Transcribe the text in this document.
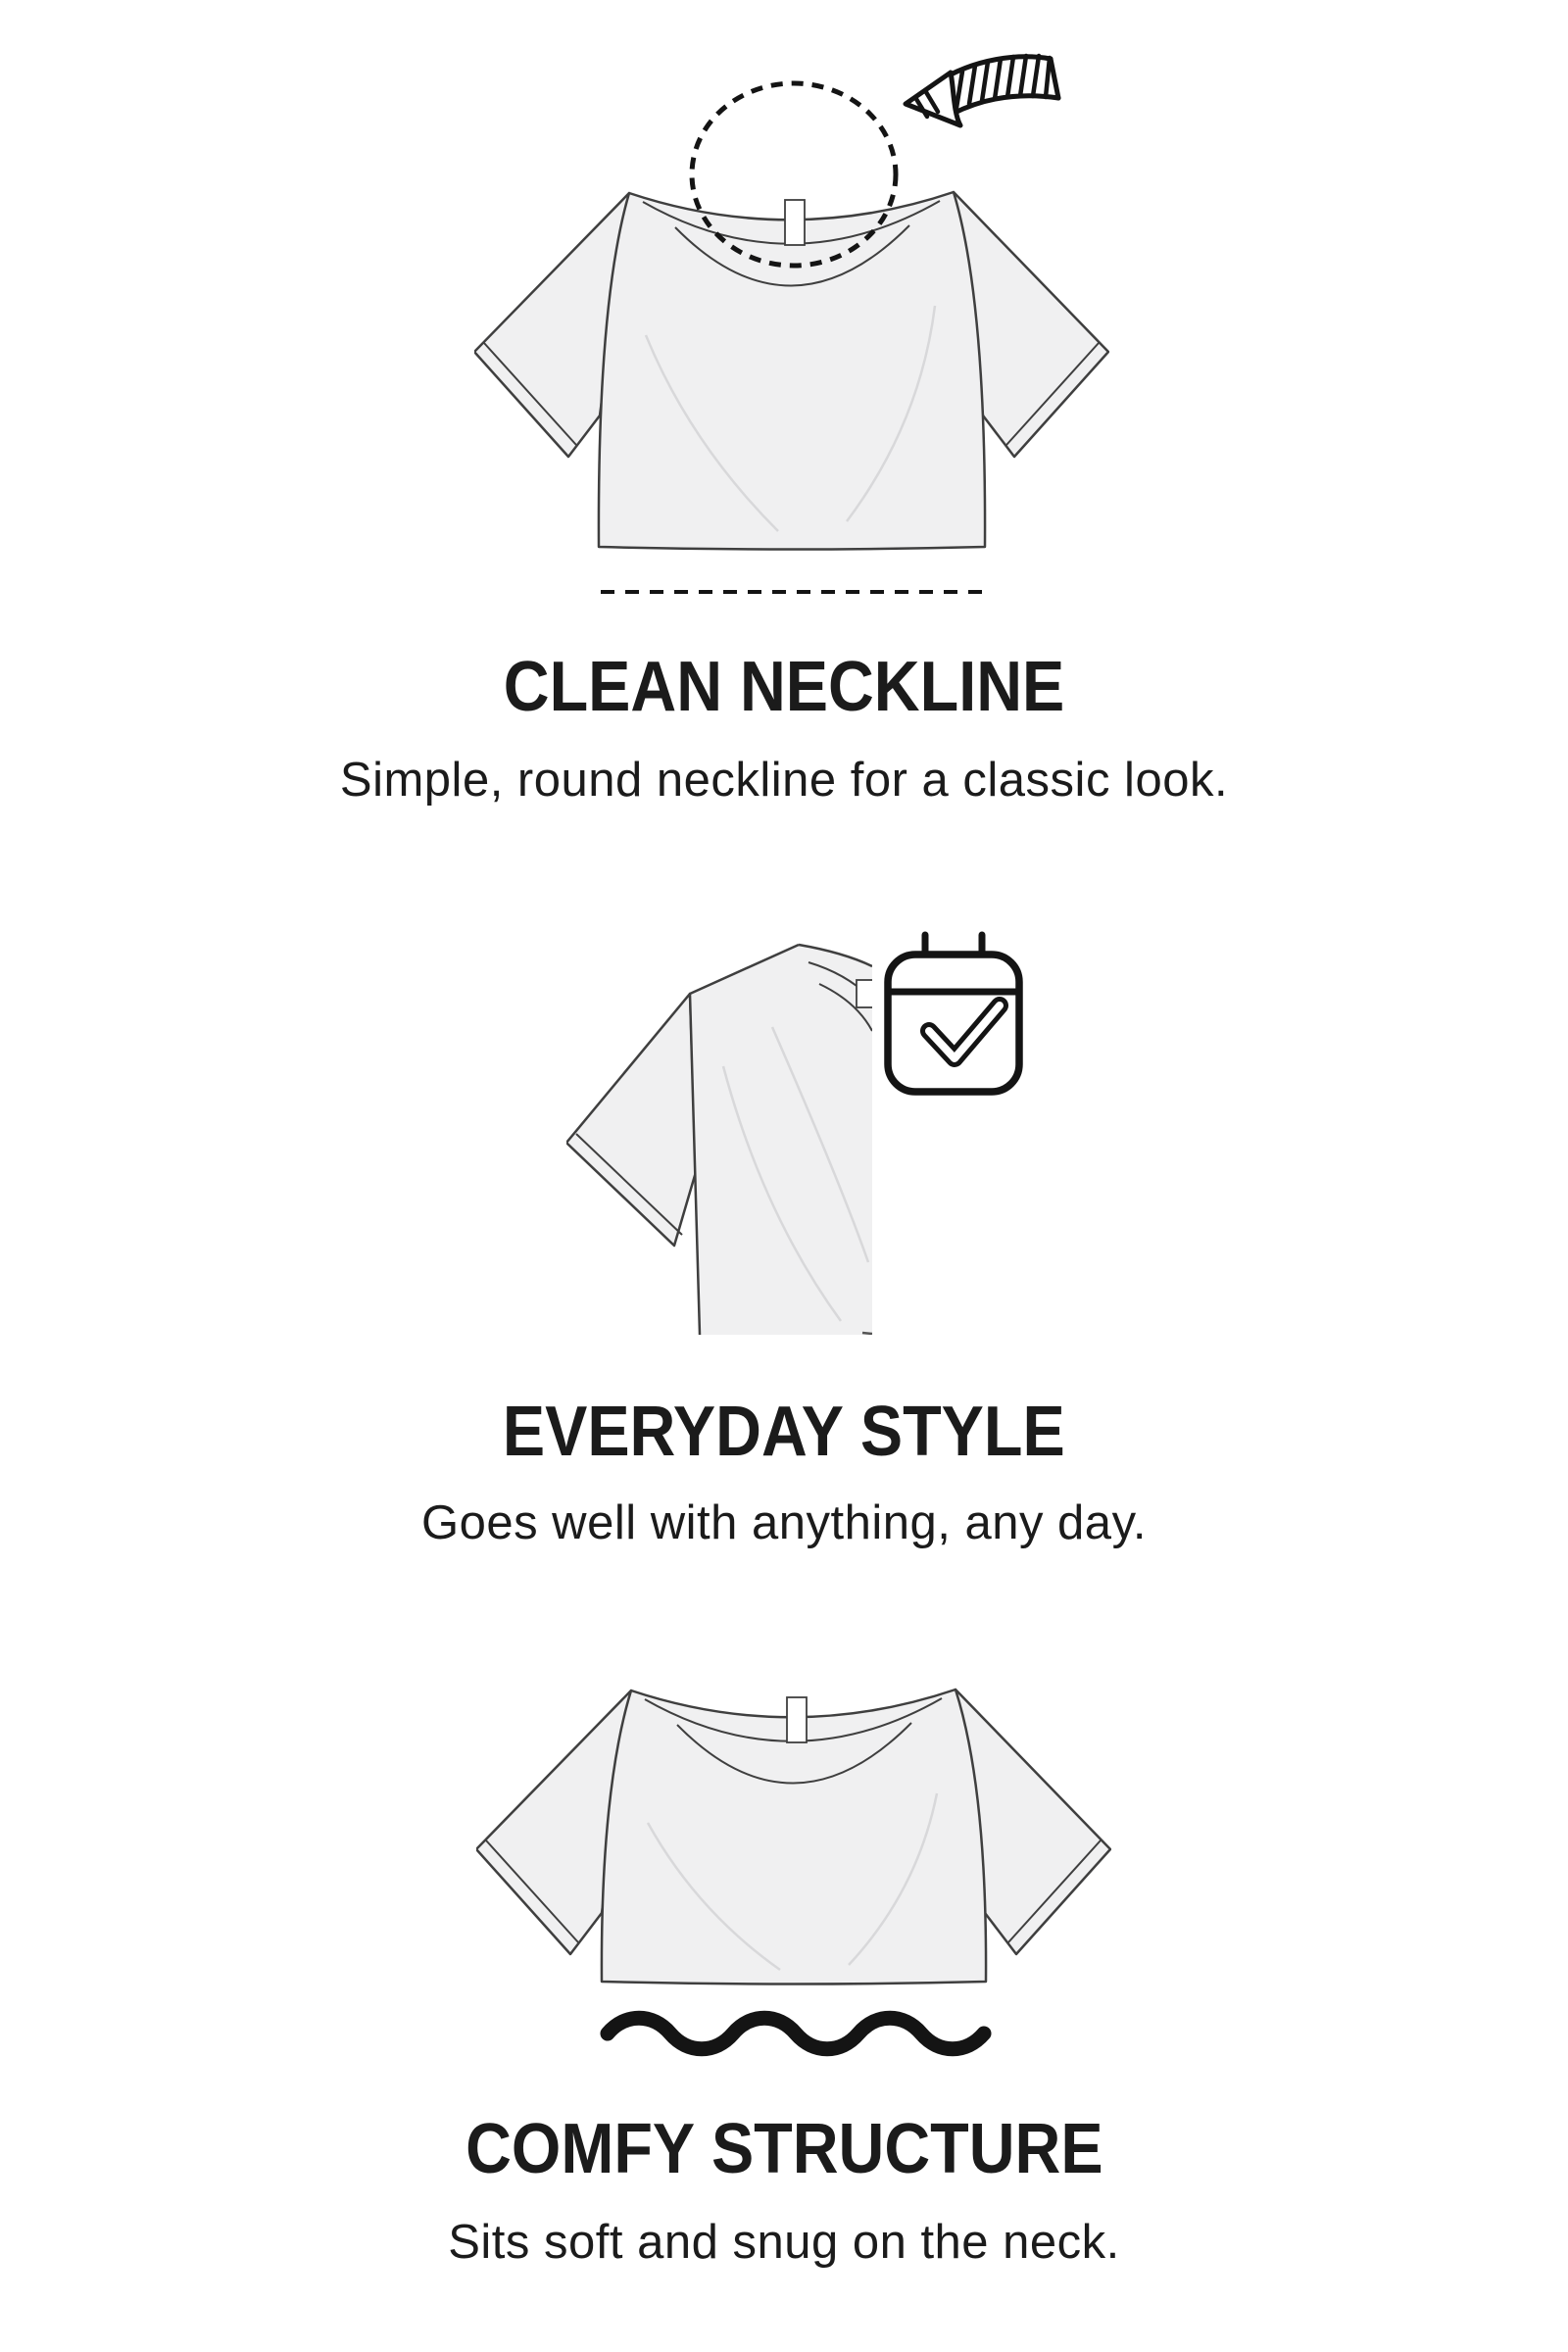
CLEAN NECKLINE
Simple, round neckline for a classic look.
EVERYDAY STYLE
Goes well with anything, any day.
COMFY STRUCTURE
Sits soft and snug on the neck.
